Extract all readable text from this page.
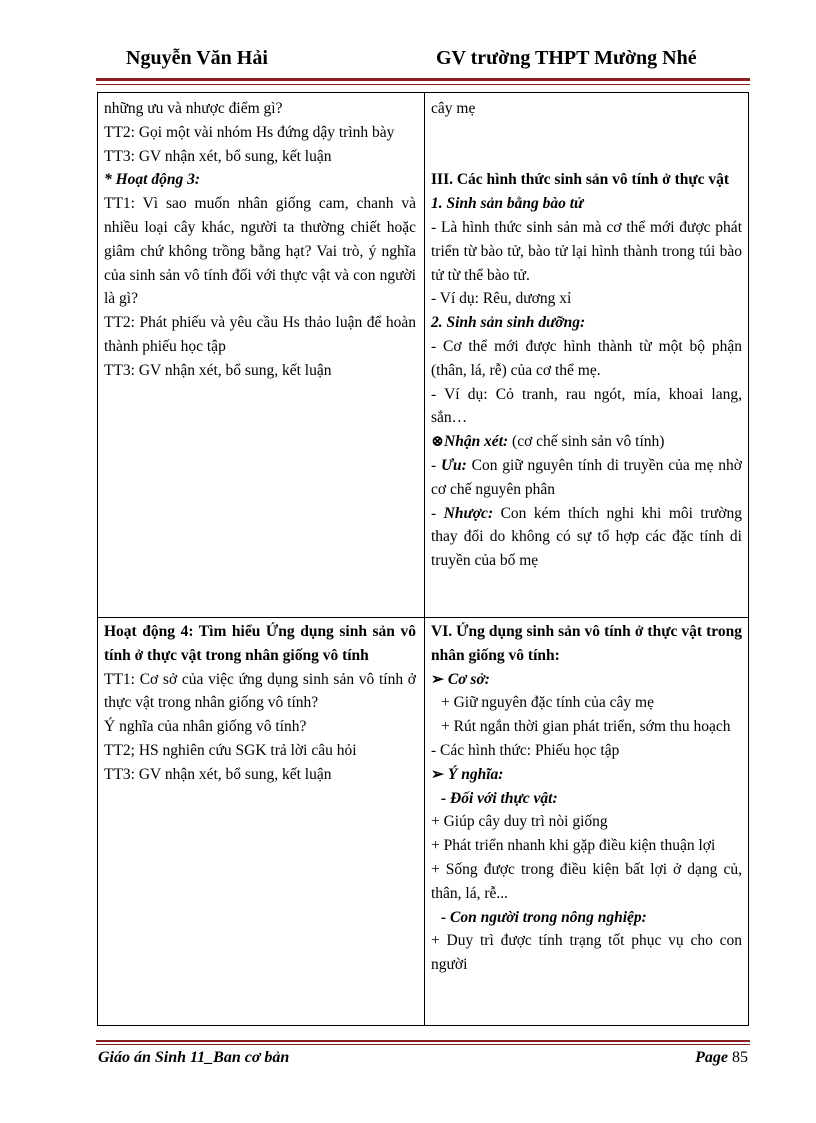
Nguyễn Văn Hải	GV trường THPT Mường Nhé
những ưu và nhược điểm gì?
TT2: Gọi một vài nhóm Hs đứng dậy trình bày
TT3: GV nhận xét, bổ sung, kết luận
* Hoạt động 3:
TT1: Vì sao muốn nhân giống cam, chanh và nhiều loại cây khác, người ta thường chiết hoặc giâm chứ không trồng bằng hạt? Vai trò, ý nghĩa của sinh sản vô tính đối với thực vật và con người là gì?
TT2: Phát phiếu và yêu cầu Hs thảo luận để hoàn thành phiếu học tập
TT3: GV nhận xét, bổ sung, kết luận
cây mẹ
III. Các hình thức sinh sản vô tính ở thực vật
1. Sinh sản bằng bào tử
- Là hình thức sinh sản mà cơ thể mới được phát triển từ bào tử, bào tử lại hình thành trong túi bào tử từ thể bào tử.
- Ví dụ: Rêu, dương xỉ
2. Sinh sản sinh dưỡng:
- Cơ thể mới được hình thành từ một bộ phận (thân, lá, rễ) của cơ thể mẹ.
- Ví dụ: Cỏ tranh, rau ngót, mía, khoai lang, sắn…
⊗Nhận xét: (cơ chế sinh sản vô tính)
- Ưu: Con giữ nguyên tính di truyền của mẹ nhờ cơ chế nguyên phân
- Nhược: Con kém thích nghi khi môi trường thay đổi do không có sự tổ hợp các đặc tính di truyền của bố mẹ
Hoạt động 4: Tìm hiểu Ứng dụng sinh sản vô tính ở thực vật trong nhân giống vô tính
TT1: Cơ sở của việc ứng dụng sinh sản vô tính ở thực vật trong nhân giống vô tính?
Ý nghĩa của nhân giống vô tính?
TT2; HS nghiên cứu SGK trả lời câu hỏi
TT3: GV nhận xét, bổ sung, kết luận
VI. Ứng dụng sinh sản vô tính ở thực vật trong nhân giống vô tính:
➢ Cơ sở:
+ Giữ nguyên đặc tính của cây mẹ
+ Rút ngắn thời gian phát triển, sớm thu hoạch
- Các hình thức: Phiếu học tập
➢ Ý nghĩa:
- Đối với thực vật:
+ Giúp cây duy trì nòi giống
+ Phát triển nhanh khi gặp điều kiện thuận lợi
+ Sống được trong điều kiện bất lợi ở dạng củ, thân, lá, rễ...
- Con người trong nông nghiệp:
+ Duy trì được tính trạng tốt phục vụ cho con người
Giáo án Sinh 11_Ban cơ bản	Page 85
